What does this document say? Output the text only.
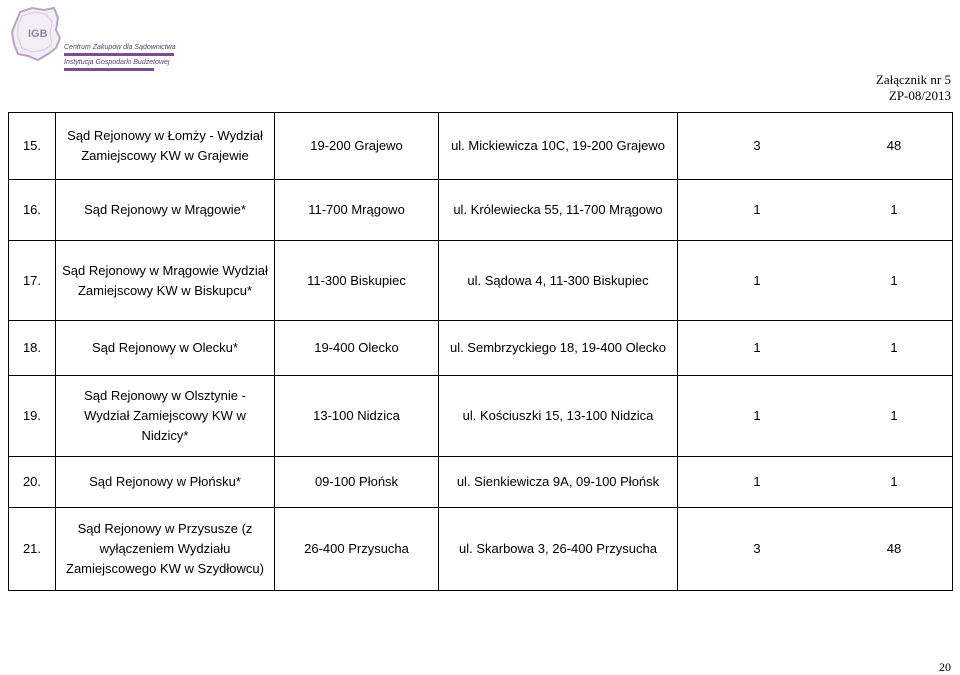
IGB
Centrum Zakupów dla Sądownictwa
Instytucja Gospodarki Budżetowej
Załącznik nr 5
ZP-08/2013
15.	Sąd Rejonowy w Łomży - Wydział Zamiejscowy KW w Grajewie	19-200 Grajewo	ul. Mickiewicza 10C, 19-200 Grajewo	3	48
16.	Sąd Rejonowy w Mrągowie*	11-700 Mrągowo	ul. Królewiecka 55, 11-700 Mrągowo	1	1
17.	Sąd Rejonowy w Mrągowie Wydział Zamiejscowy KW w Biskupcu*	11-300 Biskupiec	ul. Sądowa 4, 11-300 Biskupiec	1	1
18.	Sąd Rejonowy w Olecku*	19-400 Olecko	ul. Sembrzyckiego 18, 19-400 Olecko	1	1
19.	Sąd Rejonowy w Olsztynie - Wydział Zamiejscowy KW w Nidzicy*	13-100 Nidzica	ul. Kościuszki 15, 13-100 Nidzica	1	1
20.	Sąd Rejonowy w Płońsku*	09-100 Płońsk	ul. Sienkiewicza 9A, 09-100 Płońsk	1	1
21.	Sąd Rejonowy w Przysusze (z wyłączeniem Wydziału Zamiejscowego KW w Szydłowcu)	26-400 Przysucha	ul. Skarbowa 3, 26-400 Przysucha	3	48
20
